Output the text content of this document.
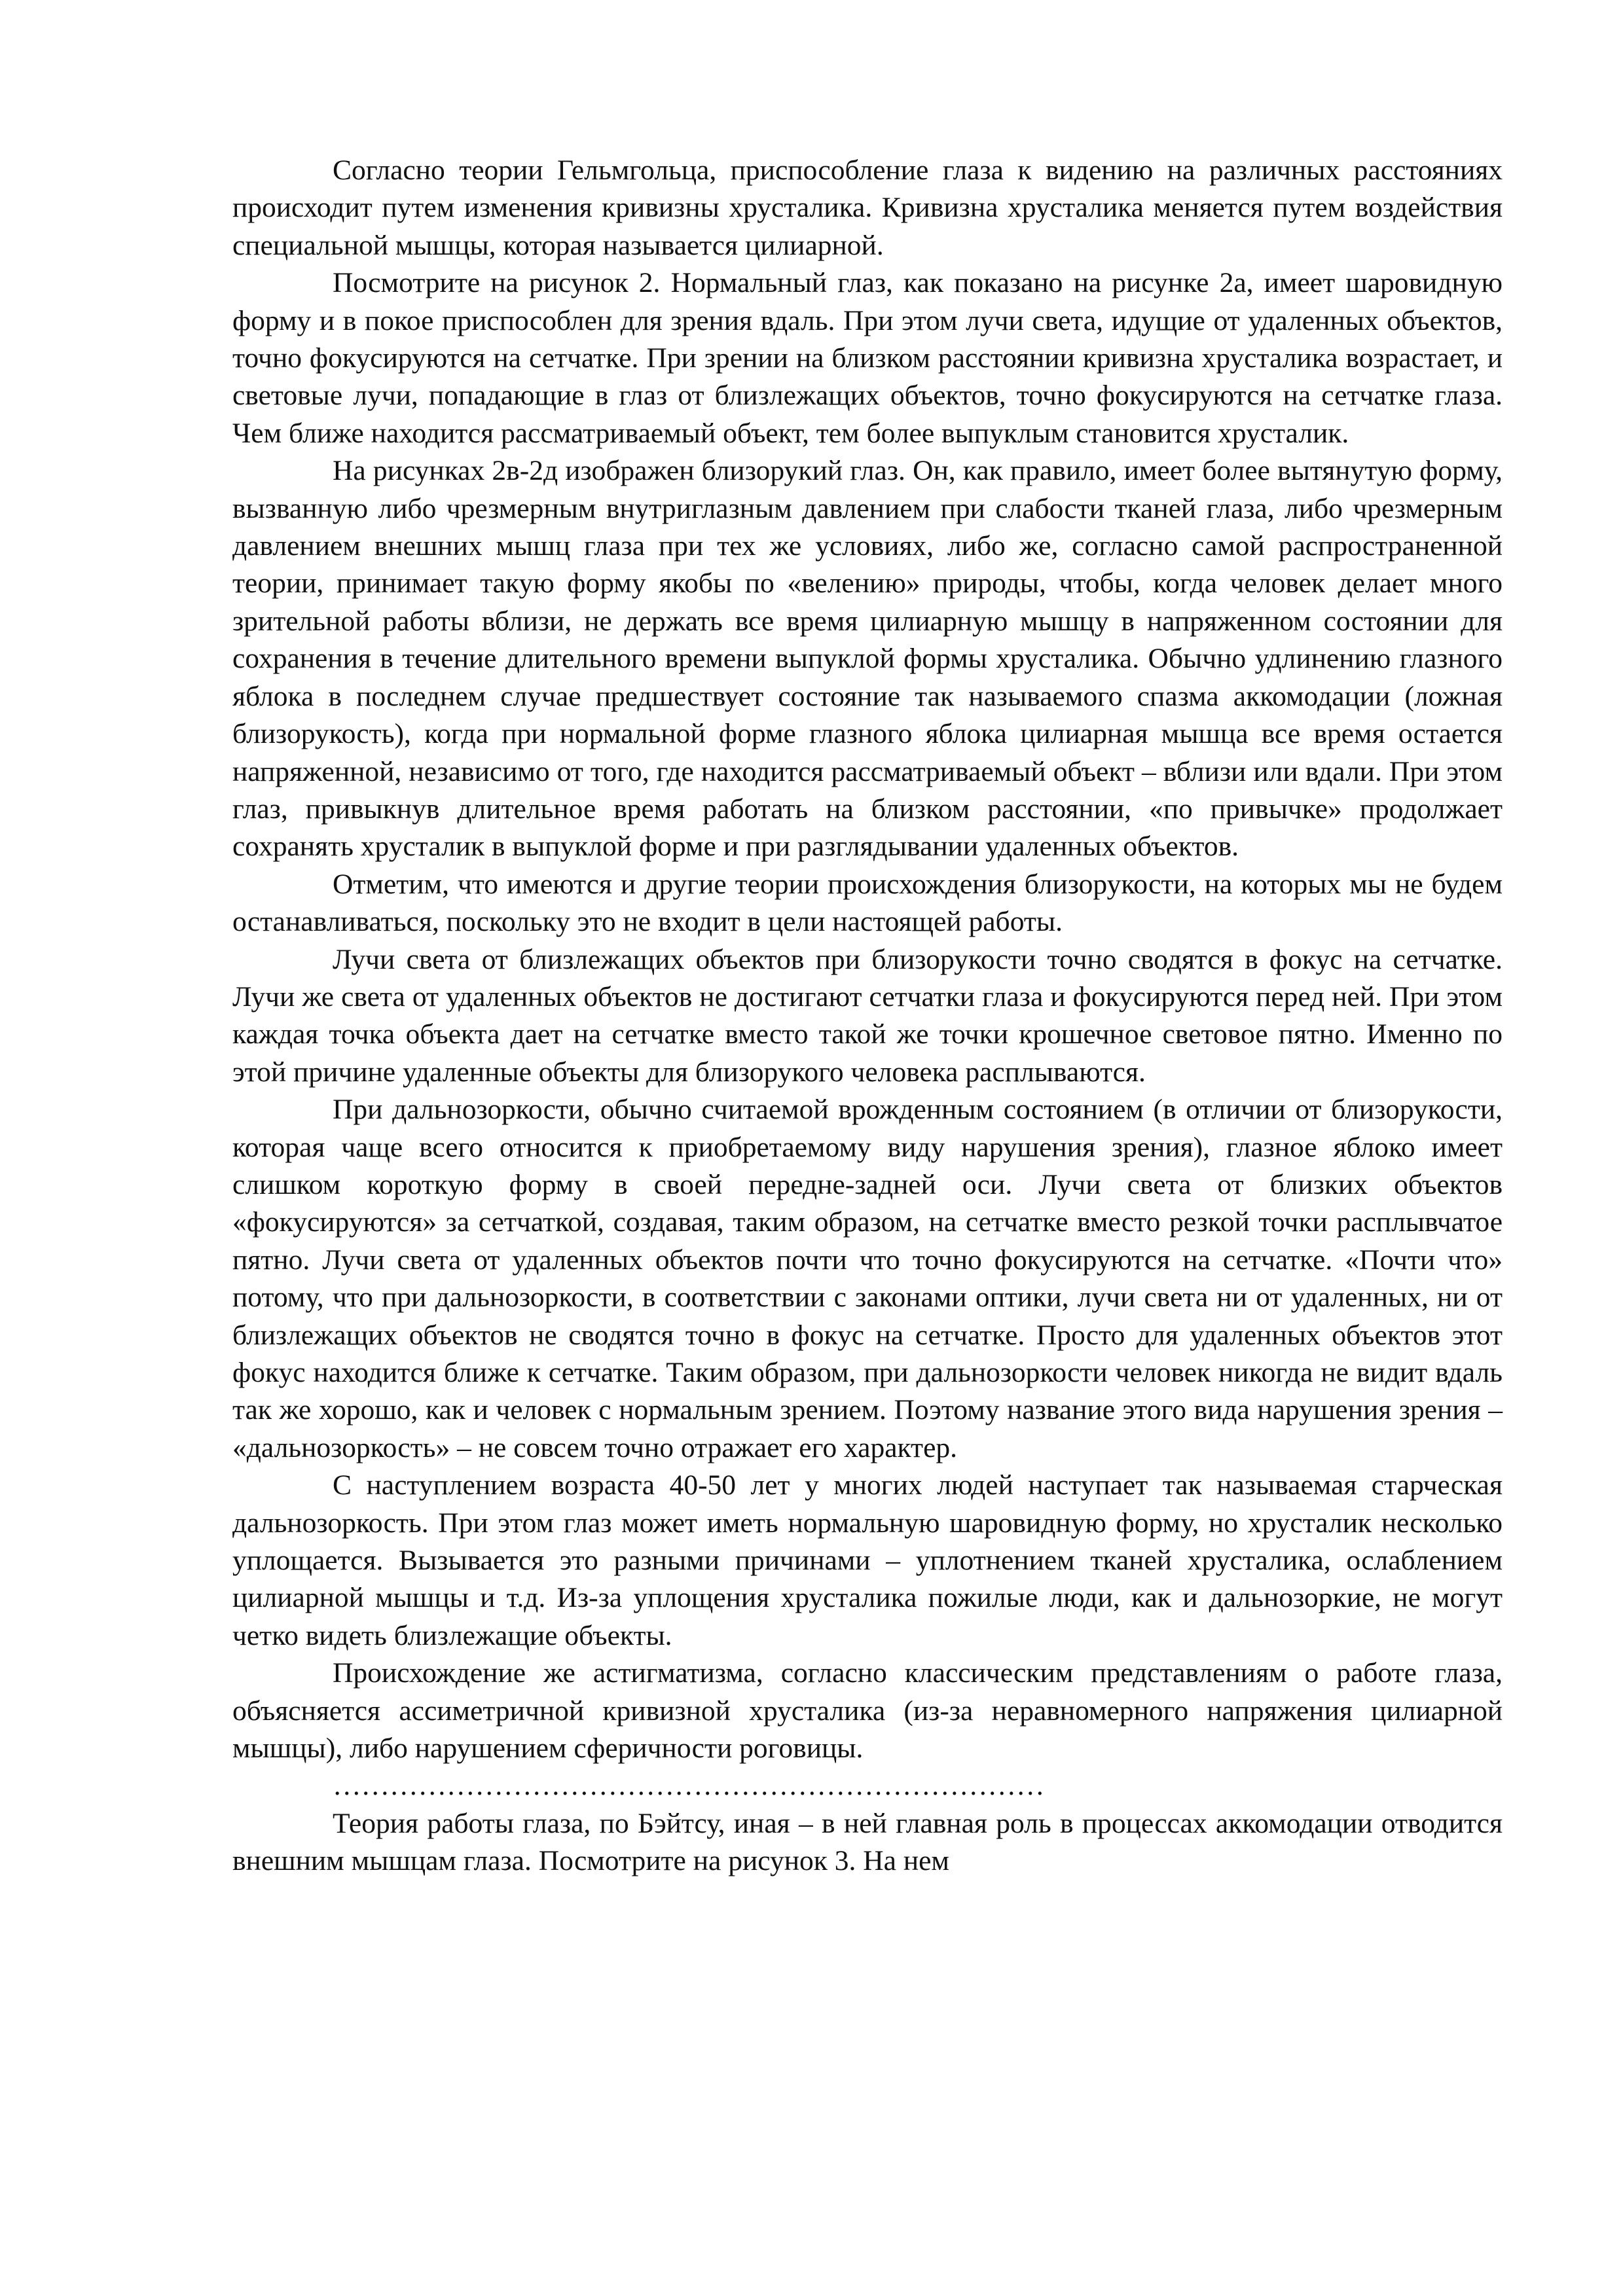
Согласно теории Гельмгольца, приспособление глаза к видению на различных расстояниях происходит путем изменения кривизны хрусталика. Кривизна хрусталика меняется путем воздействия специальной мышцы, которая называется цилиарной.

Посмотрите на рисунок 2. Нормальный глаз, как показано на рисунке 2а, имеет шаровидную форму и в покое приспособлен для зрения вдаль. При этом лучи света, идущие от удаленных объектов, точно фокусируются на сетчатке. При зрении на близком расстоянии кривизна хрусталика возрастает, и световые лучи, попадающие в глаз от близлежащих объектов, точно фокусируются на сетчатке глаза. Чем ближе находится рассматриваемый объект, тем более выпуклым становится хрусталик.

На рисунках 2в-2д изображен близорукий глаз. Он, как правило, имеет более вытянутую форму, вызванную либо чрезмерным внутриглазным давлением при слабости тканей глаза, либо чрезмерным давлением внешних мышц глаза при тех же условиях, либо же, согласно самой распространенной теории, принимает такую форму якобы по «велению» природы, чтобы, когда человек делает много зрительной работы вблизи, не держать все время цилиарную мышцу в напряженном состоянии для сохранения в течение длительного времени выпуклой формы хрусталика. Обычно удлинению глазного яблока в последнем случае предшествует состояние так называемого спазма аккомодации (ложная близорукость), когда при нормальной форме глазного яблока цилиарная мышца все время остается напряженной, независимо от того, где находится рассматриваемый объект – вблизи или вдали. При этом глаз, привыкнув длительное время работать на близком расстоянии, «по привычке» продолжает сохранять хрусталик в выпуклой форме и при разглядывании удаленных объектов.

Отметим, что имеются и другие теории происхождения близорукости, на которых мы не будем останавливаться, поскольку это не входит в цели настоящей работы.

Лучи света от близлежащих объектов при близорукости точно сводятся в фокус на сетчатке. Лучи же света от удаленных объектов не достигают сетчатки глаза и фокусируются перед ней. При этом каждая точка объекта дает на сетчатке вместо такой же точки крошечное световое пятно. Именно по этой причине удаленные объекты для близорукого человека расплываются.

При дальнозоркости, обычно считаемой врожденным состоянием (в отличии от близорукости, которая чаще всего относится к приобретаемому виду нарушения зрения), глазное яблоко имеет слишком короткую форму в своей передне-задней оси. Лучи света от близких объектов «фокусируются» за сетчаткой, создавая, таким образом, на сетчатке вместо резкой точки расплывчатое пятно. Лучи света от удаленных объектов почти что точно фокусируются на сетчатке. «Почти что» потому, что при дальнозоркости, в соответствии с законами оптики, лучи света ни от удаленных, ни от близлежащих объектов не сводятся точно в фокус на сетчатке. Просто для удаленных объектов этот фокус находится ближе к сетчатке. Таким образом, при дальнозоркости человек никогда не видит вдаль так же хорошо, как и человек с нормальным зрением. Поэтому название этого вида нарушения зрения – «дальнозоркость» – не совсем точно отражает его характер.

С наступлением возраста 40-50 лет у многих людей наступает так называемая старческая дальнозоркость. При этом глаз может иметь нормальную шаровидную форму, но хрусталик несколько уплощается. Вызывается это разными причинами – уплотнением тканей хрусталика, ослаблением цилиарной мышцы и т.д. Из-за уплощения хрусталика пожилые люди, как и дальнозоркие, не могут четко видеть близлежащие объекты.

Происхождение же астигматизма, согласно классическим представлениям о работе глаза, объясняется ассиметричной кривизной хрусталика (из-за неравномерного напряжения цилиарной мышцы), либо нарушением сферичности роговицы.

…………………………………………………………………

Теория работы глаза, по Бэйтсу, иная – в ней главная роль в процессах аккомодации отводится внешним мышцам глаза. Посмотрите на рисунок 3. На нем
